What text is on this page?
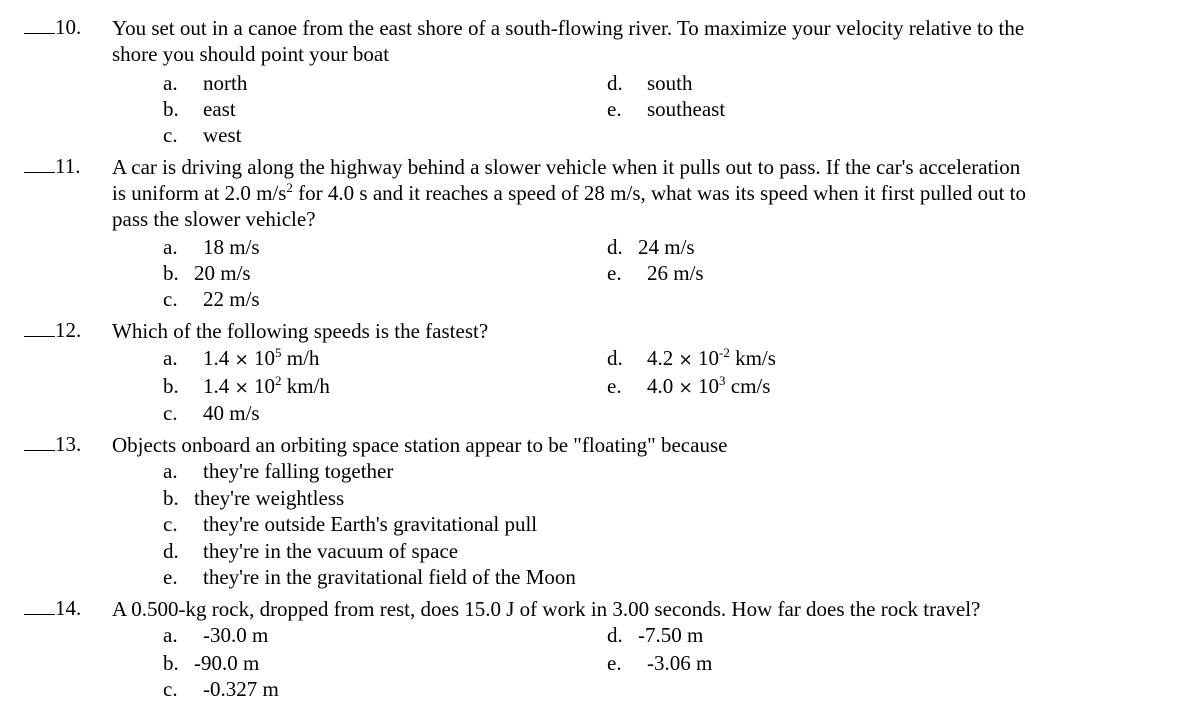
10. You set out in a canoe from the east shore of a south-flowing river. To maximize your velocity relative to the
shore you should point your boat
a. north
b. east
c. west
d. south
e. southeast
11. A car is driving along the highway behind a slower vehicle when it pulls out to pass. If the car's acceleration
is uniform at 2.0 $m/s^2$ for 4.0 s and it reaches a speed of 28 m/s, what was its speed when it first pulled out to
pass the slower vehicle?
a. 18 m/s
b. 20 m/s
c. 22 m/s
d. 24 m/s
e. 26 m/s
12. Which of the following speeds is the fastest?
a. $1.4 \times 10^5$ m/h
b. $1.4 \times 10^2$ km/h
c. 40 m/s
d. $4.2 \times 10^{-2}$ km/s
e. $4.0 \times 10^3$ cm/s
13. Objects onboard an orbiting space station appear to be "floating" because
a. they're falling together
b. they're weightless
c. they're outside Earth's gravitational pull
d. they're in the vacuum of space
e. they're in the gravitational field of the Moon
14. A 0.500-kg rock, dropped from rest, does 15.0 J of work in 3.00 seconds. How far does the rock travel?
a. -30.0 m
b. -90.0 m
c. -0.327 m
d. -7.50 m
e. -3.06 m
